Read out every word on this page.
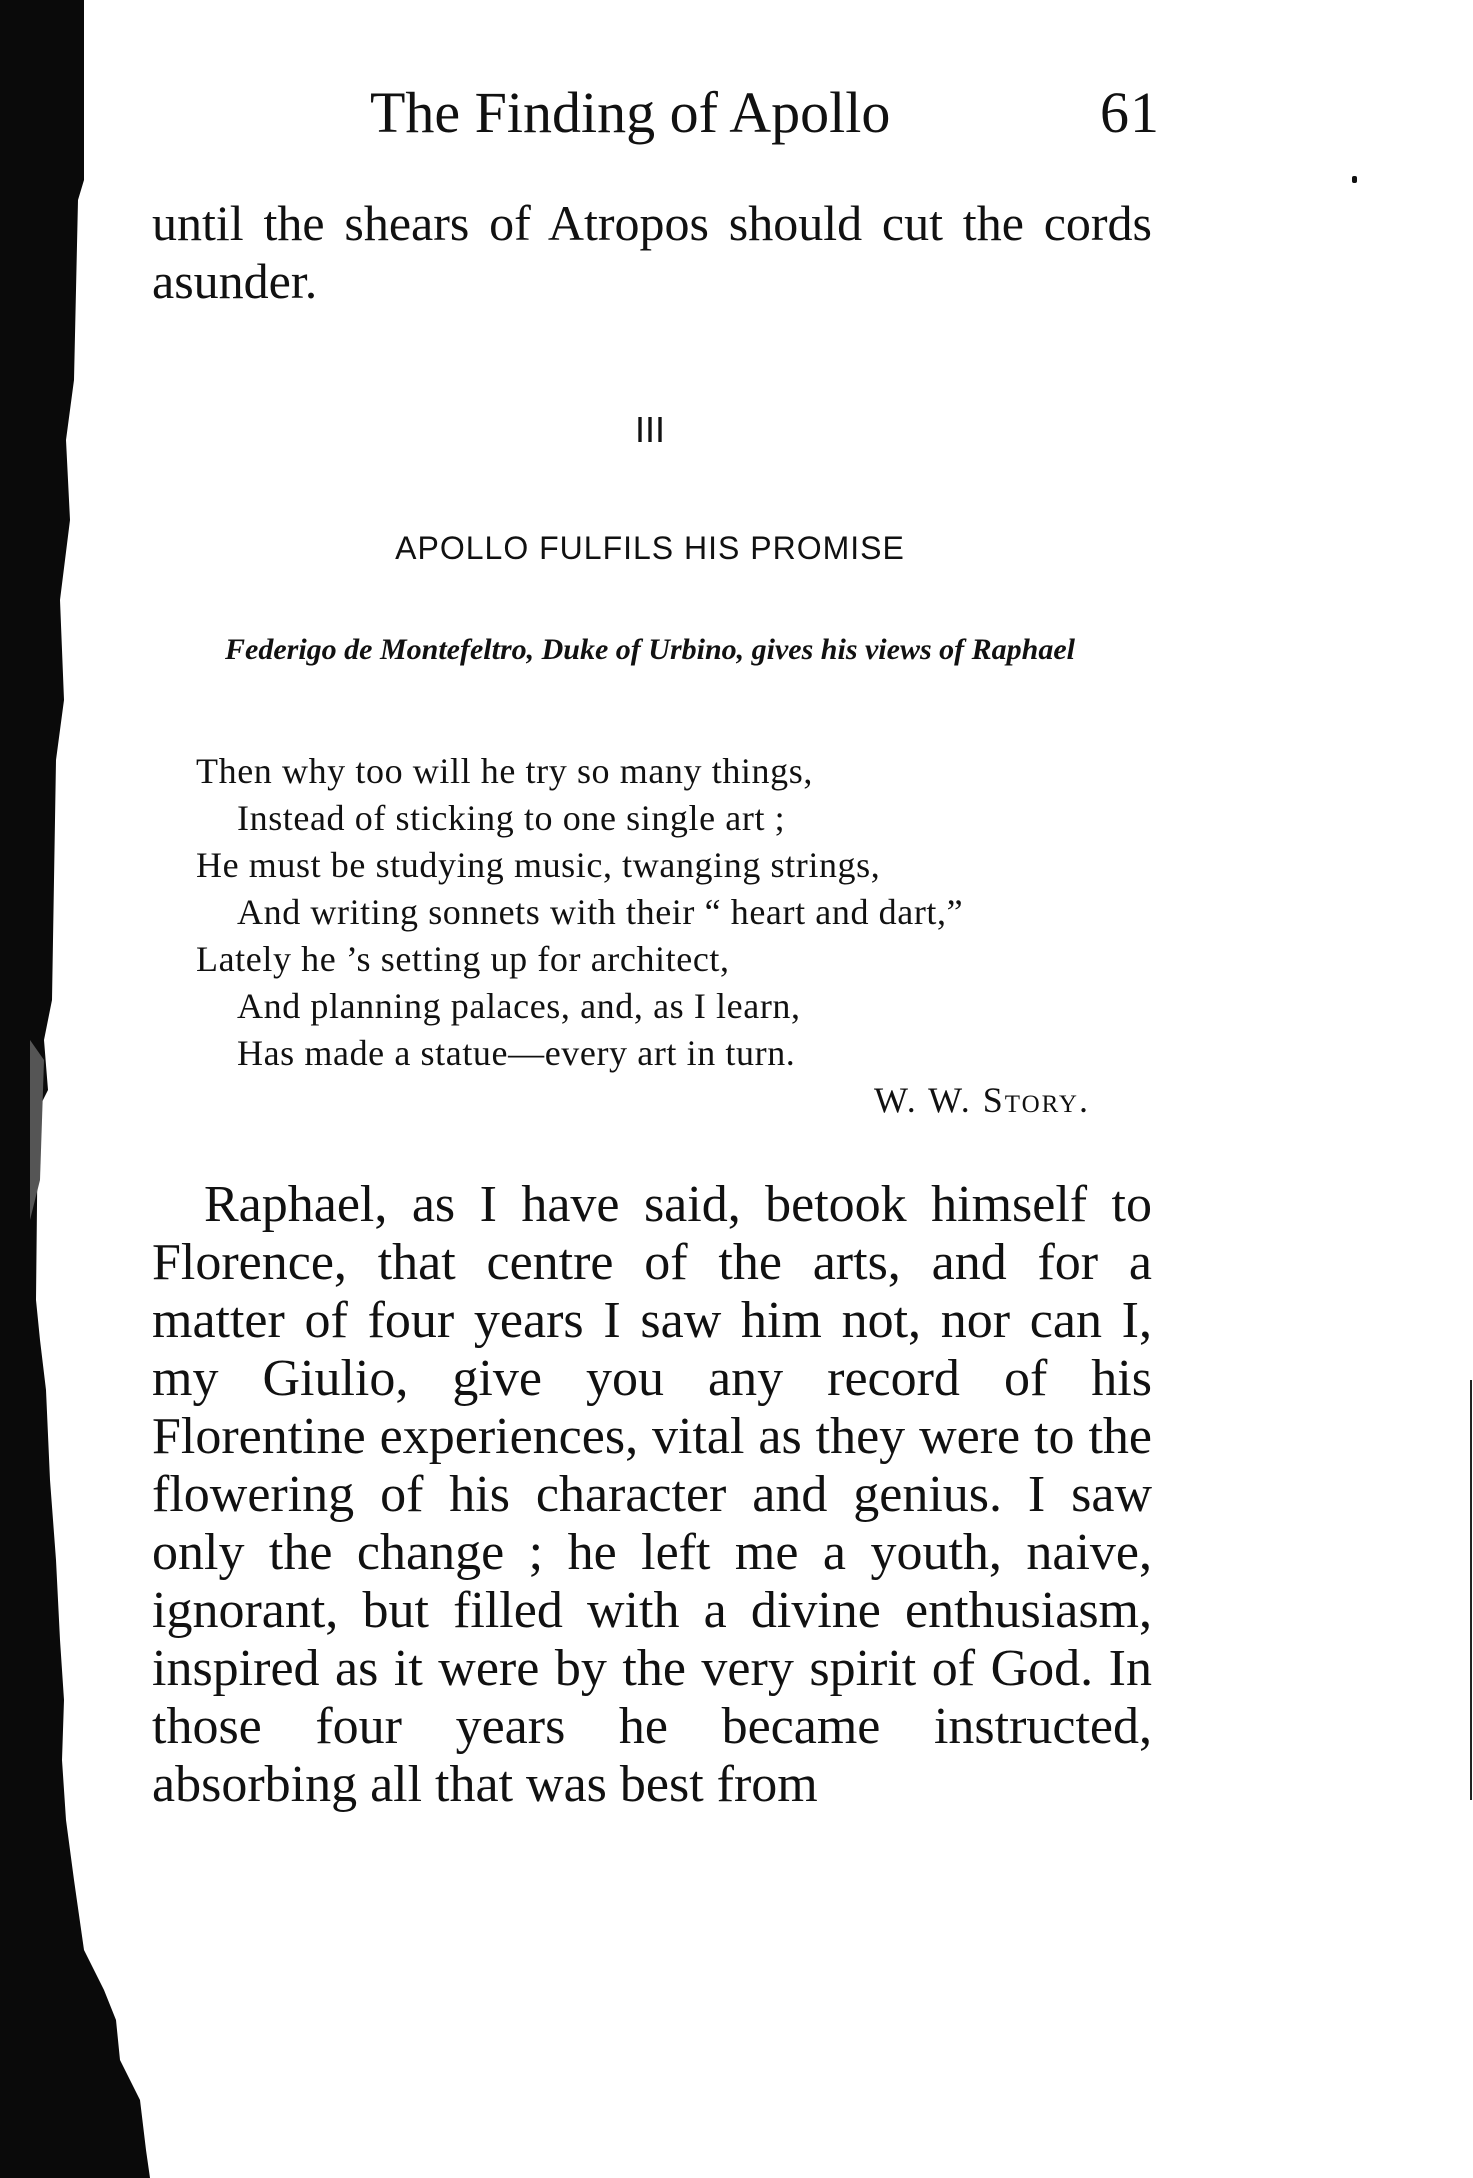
The Finding of Apollo	61

until the shears of Atropos should cut the cords asunder.

III
APOLLO FULFILS HIS PROMISE
Federigo de Montefeltro, Duke of Urbino, gives his views of Raphael
Then why too will he try so many things,
Instead of sticking to one single art ;
He must be studying music, twanging strings,
And writing sonnets with their “ heart and dart,”
Lately he ’s setting up for architect,
And planning palaces, and, as I learn,
Has made a statue—every art in turn.
W. W. Story.

Raphael, as I have said, betook himself to Florence, that centre of the arts, and for a matter of four years I saw him not, nor can I, my Giulio, give you any record of his Florentine experiences, vital as they were to the flowering of his character and genius. I saw only the change ; he left me a youth, naive, ignorant, but filled with a divine enthusiasm, inspired as it were by the very spirit of God. In those four years he became instructed, absorbing all that was best from
